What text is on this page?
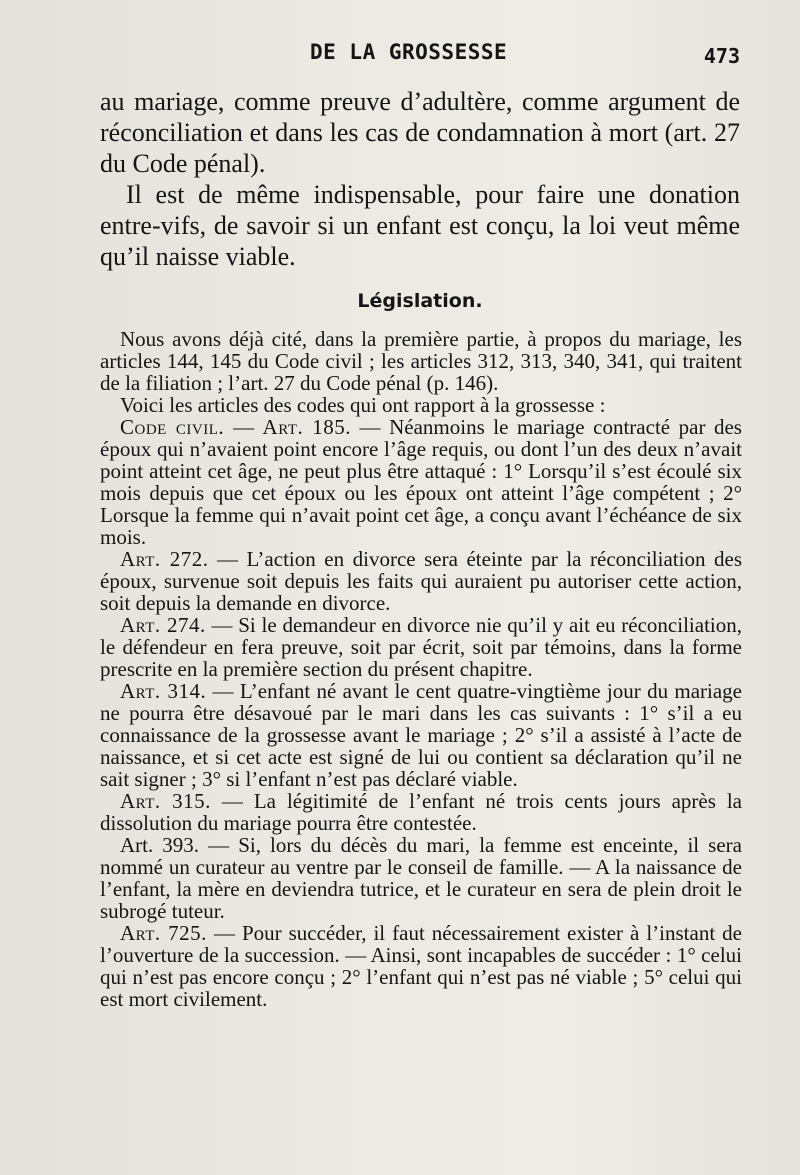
DE LA GROSSESSE	473

au mariage, comme preuve d’adultère, comme argument de réconciliation et dans les cas de condamnation à mort (art. 27 du Code pénal).

Il est de même indispensable, pour faire une donation entre-vifs, de savoir si un enfant est conçu, la loi veut même qu’il naisse viable.

Législation.

Nous avons déjà cité, dans la première partie, à propos du mariage, les articles 144, 145 du Code civil ; les articles 312, 313, 340, 341, qui traitent de la filiation ; l’art. 27 du Code pénal (p. 146).

Voici les articles des codes qui ont rapport à la grossesse :

Code civil. — Art. 185. — Néanmoins le mariage contracté par des époux qui n’avaient point encore l’âge requis, ou dont l’un des deux n’avait point atteint cet âge, ne peut plus être attaqué : 1° Lorsqu’il s’est écoulé six mois depuis que cet époux ou les époux ont atteint l’âge compétent ; 2° Lorsque la femme qui n’avait point cet âge, a conçu avant l’échéance de six mois.

Art. 272. — L’action en divorce sera éteinte par la réconciliation des époux, survenue soit depuis les faits qui auraient pu autoriser cette action, soit depuis la demande en divorce.

Art. 274. — Si le demandeur en divorce nie qu’il y ait eu réconciliation, le défendeur en fera preuve, soit par écrit, soit par témoins, dans la forme prescrite en la première section du présent chapitre.

Art. 314. — L’enfant né avant le cent quatre-vingtième jour du mariage ne pourra être désavoué par le mari dans les cas suivants : 1° s’il a eu connaissance de la grossesse avant le mariage ; 2° s’il a assisté à l’acte de naissance, et si cet acte est signé de lui ou contient sa déclaration qu’il ne sait signer ; 3° si l’enfant n’est pas déclaré viable.

Art. 315. — La légitimité de l’enfant né trois cents jours après la dissolution du mariage pourra être contestée.

Art. 393. — Si, lors du décès du mari, la femme est enceinte, il sera nommé un curateur au ventre par le conseil de famille. — A la naissance de l’enfant, la mère en deviendra tutrice, et le curateur en sera de plein droit le subrogé tuteur.

Art. 725. — Pour succéder, il faut nécessairement exister à l’instant de l’ouverture de la succession. — Ainsi, sont incapables de succéder : 1° celui qui n’est pas encore conçu ; 2° l’enfant qui n’est pas né viable ; 5° celui qui est mort civilement.
